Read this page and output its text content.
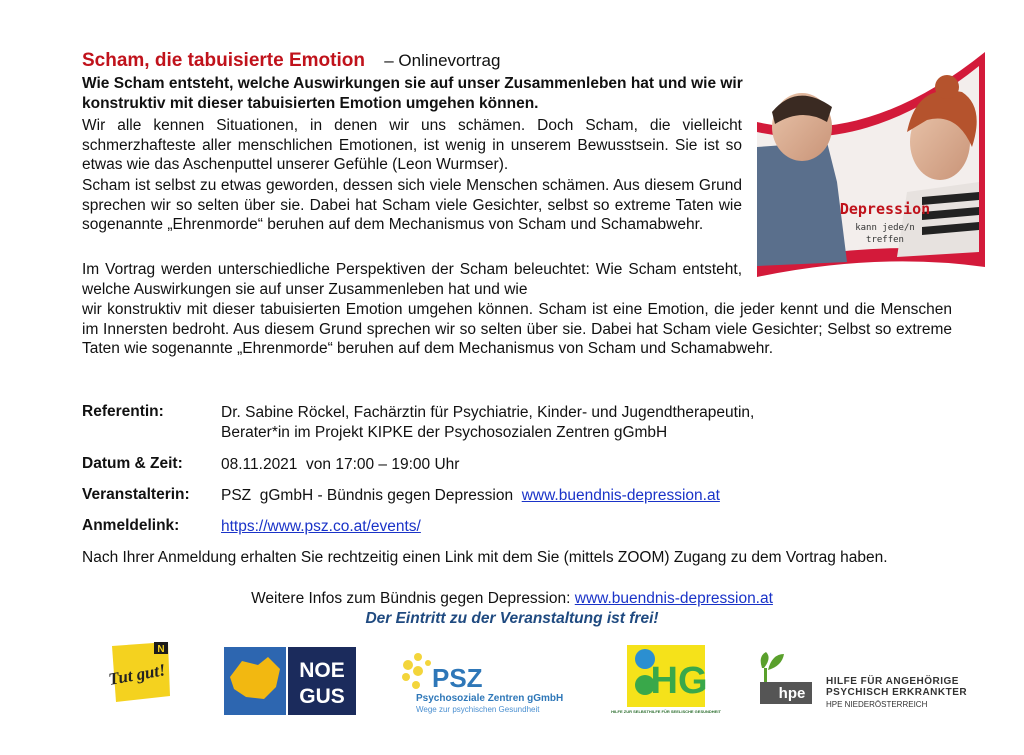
Scham, die tabuisierte Emotion – Onlinevortrag
Wie Scham entsteht, welche Auswirkungen sie auf unser Zusammenleben hat und wie wir konstruktiv mit dieser tabuisierten Emotion umgehen können.
Wir alle kennen Situationen, in denen wir uns schämen. Doch Scham, die vielleicht schmerzhafteste aller menschlichen Emotionen, ist wenig in unserem Bewusstsein. Sie ist so etwas wie das Aschenputtel unserer Gefühle (Leon Wurmser).
Scham ist selbst zu etwas geworden, dessen sich viele Menschen schämen. Aus diesem Grund sprechen wir so selten über sie. Dabei hat Scham viele Gesichter, selbst so extreme Taten wie sogenannte „Ehrenmorde“ beruhen auf dem Mechanismus von Scham und Schamabwehr.
Im Vortrag werden unterschiedliche Perspektiven der Scham beleuchtet: Wie Scham entsteht, welche Auswirkungen sie auf unser Zusammenleben hat und wie
wir konstruktiv mit dieser tabuisierten Emotion umgehen können. Scham ist eine Emotion, die jeder kennt und die Menschen im Innersten bedroht. Aus diesem Grund sprechen wir so selten über sie. Dabei hat Scham viele Gesichter; Selbst so extreme Taten wie sogenannte „Ehrenmorde“ beruhen auf dem Mechanismus von Scham und Schamabwehr.
Depression
kann jede/n
treffen
Referentin:	Dr. Sabine Röckel, Fachärztin für Psychiatrie, Kinder- und Jugendtherapeutin,
Berater*in im Projekt KIPKE der Psychosozialen Zentren gGmbH
Datum & Zeit: 08.11.2021  von 17:00 – 19:00 Uhr
Veranstalterin: PSZ  gGmbH - Bündnis gegen Depression www.buendnis-depression.at
Anmeldelink:	https://www.psz.co.at/events/
Nach Ihrer Anmeldung erhalten Sie rechtzeitig einen Link mit dem Sie (mittels ZOOM) Zugang zu dem Vortrag haben.
Weitere Infos zum Bündnis gegen Depression: www.buendnis-depression.at
Der Eintritt zu der Veranstaltung ist frei!
N
Tut gut!	NOE
GUS
PSZ
Psychosoziale Zentren gGmbH
Wege zur psychischen Gesundheit
HG
HILFE ZUR SELBSTHILFE FÜR SEELISCHE GESUNDHEIT
hpe
HILFE FÜR ANGEHÖRIGE
PSYCHISCH ERKRANKTER
HPE NIEDERÖSTERREICH
